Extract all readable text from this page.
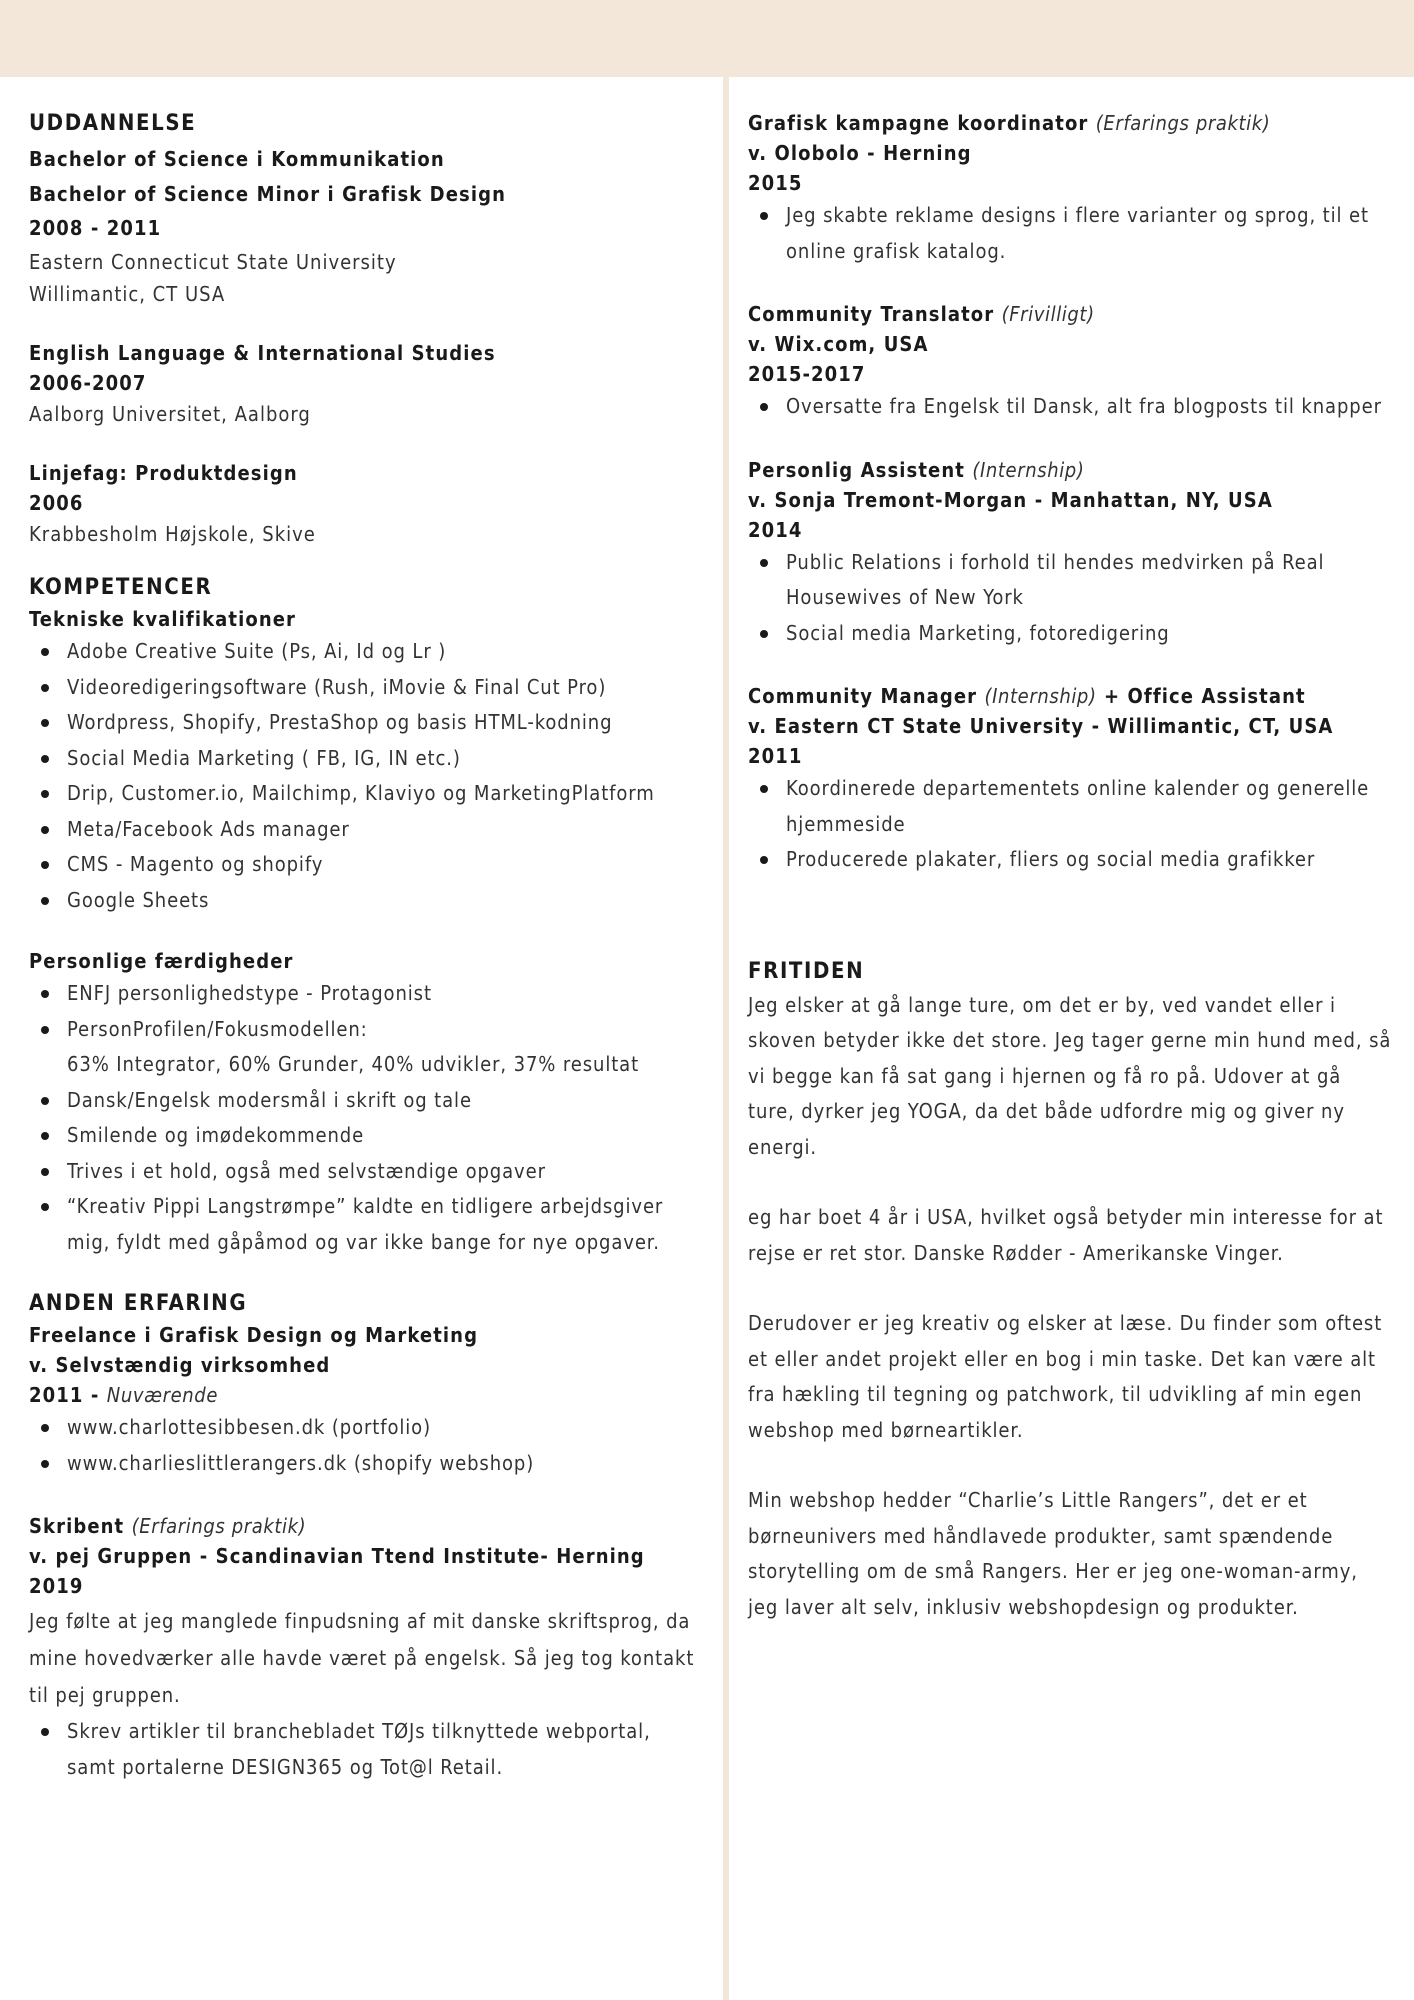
UDDANNELSE
Bachelor of Science i Kommunikation
Bachelor of Science Minor i Grafisk Design
2008 - 2011
Eastern Connecticut State University
Willimantic, CT USA
English Language & International Studies
2006-2007
Aalborg Universitet, Aalborg
Linjefag: Produktdesign
2006
Krabbesholm Højskole, Skive
KOMPETENCER
Tekniske kvalifikationer
Adobe Creative Suite (Ps, Ai, Id og Lr )
Videoredigeringsoftware (Rush, iMovie & Final Cut Pro)
Wordpress, Shopify, PrestaShop og basis HTML-kodning
Social Media Marketing ( FB, IG, IN etc.)
Drip, Customer.io, Mailchimp, Klaviyo og MarketingPlatform
Meta/Facebook Ads manager
CMS - Magento og shopify
Google Sheets
Personlige færdigheder
ENFJ personlighedstype - Protagonist
PersonProfilen/Fokusmodellen:
63% Integrator, 60% Grunder, 40% udvikler, 37% resultat
Dansk/Engelsk modersmål i skrift og tale
Smilende og imødekommende
Trives i et hold, også med selvstændige opgaver
“Kreativ Pippi Langstrømpe” kaldte en tidligere arbejdsgiver mig, fyldt med gåpåmod og var ikke bange for nye opgaver.
ANDEN ERFARING
Freelance i Grafisk Design og Marketing
v. Selvstændig virksomhed
2011 - Nuværende
www.charlottesibbesen.dk (portfolio)
www.charlieslittlerangers.dk (shopify webshop)
Skribent (Erfarings praktik)
v. pej Gruppen - Scandinavian Ttend Institute- Herning
2019
Jeg følte at jeg manglede finpudsning af mit danske skriftsprog, da mine hovedværker alle havde været på engelsk. Så jeg tog kontakt til pej gruppen.
Skrev artikler til branchebladet TØJs tilknyttede webportal, samt portalerne DESIGN365 og Tot@l Retail.
Grafisk kampagne koordinator (Erfarings praktik)
v. Olobolo - Herning
2015
Jeg skabte reklame designs i flere varianter og sprog, til et online grafisk katalog.
Community Translator (Frivilligt)
v. Wix.com, USA
2015-2017
Oversatte fra Engelsk til Dansk, alt fra blogposts til knapper
Personlig Assistent (Internship)
v. Sonja Tremont-Morgan - Manhattan, NY, USA
2014
Public Relations i forhold til hendes medvirken på Real Housewives of New York
Social media Marketing, fotoredigering
Community Manager (Internship) + Office Assistant
v. Eastern CT State University - Willimantic, CT, USA
2011
Koordinerede departementets online kalender og generelle hjemmeside
Producerede plakater, fliers og social media grafikker
FRITIDEN
Jeg elsker at gå lange ture, om det er by, ved vandet eller i skoven betyder ikke det store. Jeg tager gerne min hund med, så vi begge kan få sat gang i hjernen og få ro på. Udover at gå ture, dyrker jeg YOGA, da det både udfordre mig og giver ny energi.
eg har boet 4 år i USA, hvilket også betyder min interesse for at rejse er ret stor. Danske Rødder - Amerikanske Vinger.
Derudover er jeg kreativ og elsker at læse. Du finder som oftest et eller andet projekt eller en bog i min taske. Det kan være alt fra hækling til tegning og patchwork, til udvikling af min egen webshop med børneartikler.
Min webshop hedder “Charlie’s Little Rangers”, det er et børneunivers med håndlavede produkter, samt spændende storytelling om de små Rangers. Her er jeg one-woman-army, jeg laver alt selv, inklusiv webshopdesign og produkter.
